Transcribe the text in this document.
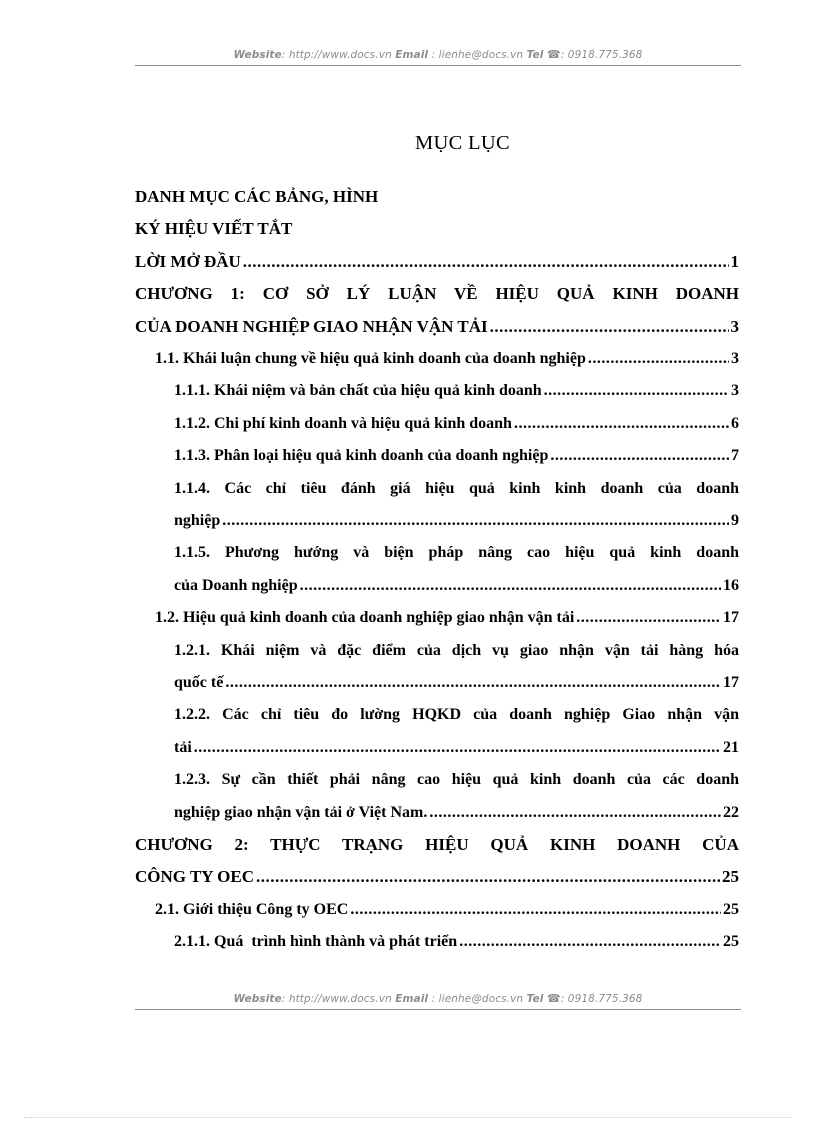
Website: http://www.docs.vn Email : lienhe@docs.vn Tel ☎: 0918.775.368
MỤC LỤC
DANH MỤC CÁC BẢNG, HÌNH
KÝ HIỆU VIẾT TẮT
LỜI MỞ ĐẦU .....	1
CHƯƠNG 1: CƠ SỞ LÝ LUẬN VỀ HIỆU QUẢ KINH DOANH
CỦA DOANH NGHIỆP GIAO NHẬN VẬN TẢI .....	3
1.1. Khái luận chung về hiệu quả kinh doanh của doanh nghiệp .....	3
1.1.1. Khái niệm và bản chất của hiệu quả kinh doanh .....	3
1.1.2. Chi phí kinh doanh và hiệu quả kinh doanh .....	6
1.1.3. Phân loại hiệu quả kinh doanh của doanh nghiệp .....	7
1.1.4. Các chỉ tiêu đánh giá hiệu quả kinh kinh doanh của doanh
nghiệp .....	9
1.1.5. Phương hướng và biện pháp nâng cao hiệu quả kinh doanh
của Doanh nghiệp .....	16
1.2. Hiệu quả kinh doanh của doanh nghiệp giao nhận vận tải .....	17
1.2.1. Khái niệm và đặc điểm của dịch vụ giao nhận vận tải hàng hóa
quốc tế .....	17
1.2.2. Các chỉ tiêu đo lường HQKD của doanh nghiệp Giao nhận vận
tải .....	21
1.2.3. Sự cần thiết phải nâng cao hiệu quả kinh doanh của các doanh
nghiệp giao nhận vận tải ở Việt Nam. .....	22
CHƯƠNG 2: THỰC TRẠNG HIỆU QUẢ KINH DOANH CỦA
CÔNG TY OEC .....	25
2.1. Giới thiệu Công ty OEC .....	25
2.1.1. Quá  trình hình thành và phát triển .....	25
Website: http://www.docs.vn Email : lienhe@docs.vn Tel ☎: 0918.775.368
